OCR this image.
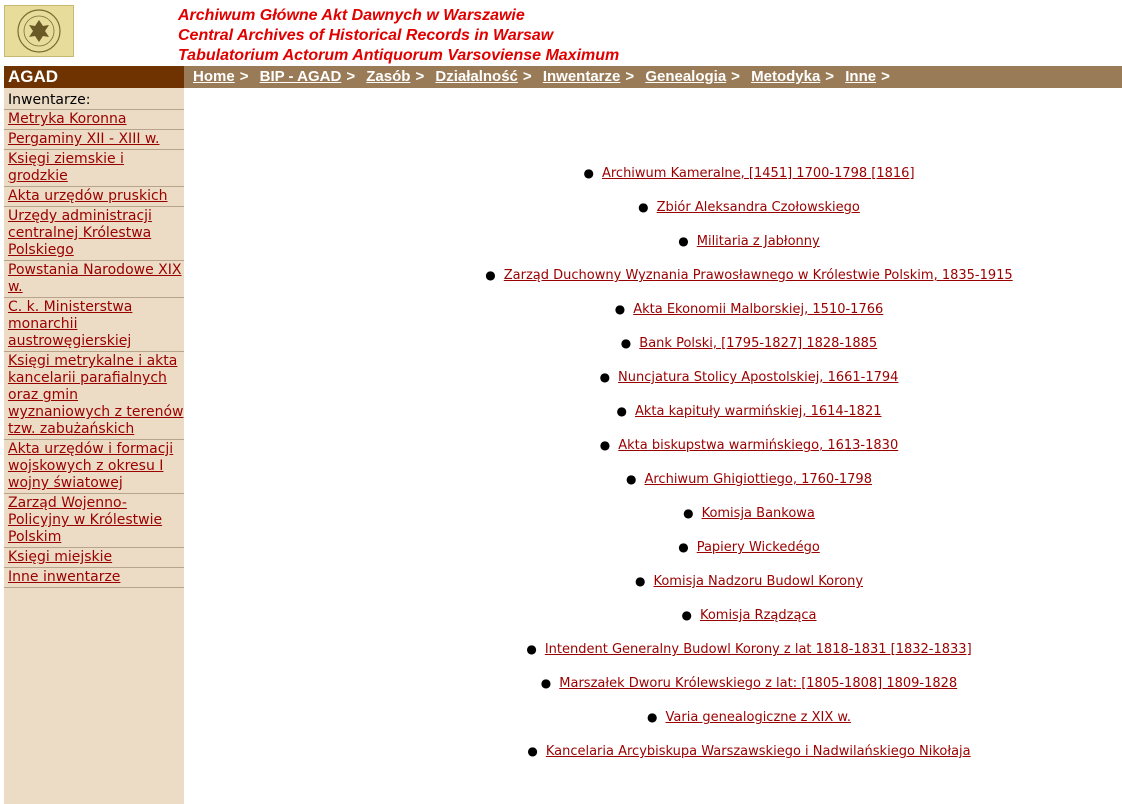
Archiwum Główne Akt Dawnych w Warszawie
Central Archives of Historical Records in Warsaw
Tabulatorium Actorum Antiquorum Varsoviense Maximum
AGAD
Inwentarze:
Metryka Koronna
Pergaminy XII - XIII w.
Księgi ziemskie i grodzkie
Akta urzędów pruskich
Urzędy administracji centralnej Królestwa Polskiego
Powstania Narodowe XIX w.
C. k. Ministerstwa monarchii austrowęgierskiej
Księgi metrykalne i akta kancelarii parafialnych oraz gmin wyznaniowych z terenów tzw. zabużańskich
Akta urzędów i formacji wojskowych z okresu I wojny światowej
Zarząd Wojenno-Policyjny w Królestwie Polskim
Księgi miejskie
Inne inwentarze
Home > BIP - AGAD > Zasób > Działalność > Inwentarze > Genealogia > Metodyka > Inne >
● Archiwum Kameralne, [1451] 1700-1798 [1816]
● Zbiór Aleksandra Czołowskiego
● Militaria z Jabłonny
● Zarząd Duchowny Wyznania Prawosławnego w Królestwie Polskim, 1835-1915
● Akta Ekonomii Malborskiej, 1510-1766
● Bank Polski, [1795-1827] 1828-1885
● Nuncjatura Stolicy Apostolskiej, 1661-1794
● Akta kapituły warmińskiej, 1614-1821
● Akta biskupstwa warmińskiego, 1613-1830
● Archiwum Ghigiottiego, 1760-1798
● Komisja Bankowa
● Papiery Wickedégo
● Komisja Nadzoru Budowl Korony
● Komisja Rządząca
● Intendent Generalny Budowl Korony z lat 1818-1831 [1832-1833]
● Marszałek Dworu Królewskiego z lat: [1805-1808] 1809-1828
● Varia genealogiczne z XIX w.
● Kancelaria Arcybiskupa Warszawskiego i Nadwilańskiego Nikołaja
